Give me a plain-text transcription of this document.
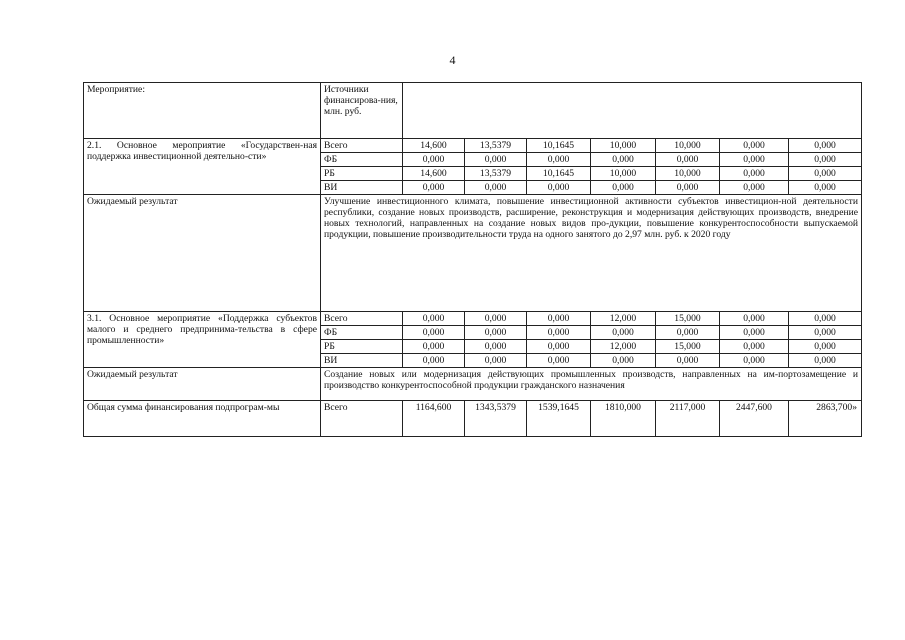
4
Мероприятие:	Источники финансирова-ния, млн. руб.							
2.1. Основное мероприятие «Государствен-ная поддержка инвестиционной деятельно-сти»	Всего	14,600	13,5379	10,1645	10,000	10,000	0,000	0,000
	ФБ	0,000	0,000	0,000	0,000	0,000	0,000	0,000
	РБ	14,600	13,5379	10,1645	10,000	10,000	0,000	0,000
	ВИ	0,000	0,000	0,000	0,000	0,000	0,000	0,000
Ожидаемый результат	Улучшение инвестиционного климата, повышение инвестиционной активности субъектов инвестицион-ной деятельности республики, создание новых производств, расширение, реконструкция и модернизация действующих производств, внедрение новых технологий, направленных на создание новых видов про-дукции, повышение конкурентоспособности выпускаемой продукции, повышение производительности труда на одного занятого до 2,97 млн. руб. к 2020 году							
3.1. Основное мероприятие «Поддержка субъектов малого и среднего предпринима-тельства в сфере промышленности»	Всего	0,000	0,000	0,000	12,000	15,000	0,000	0,000
	ФБ	0,000	0,000	0,000	0,000	0,000	0,000	0,000
	РБ	0,000	0,000	0,000	12,000	15,000	0,000	0,000
	ВИ	0,000	0,000	0,000	0,000	0,000	0,000	0,000
Ожидаемый результат	Создание новых или модернизация действующих промышленных производств, направленных на им-портозамещение и производство конкурентоспособной продукции гражданского назначения							
Общая сумма финансирования подпрограм-мы	Всего	1164,600	1343,5379	1539,1645	1810,000	2117,000	2447,600	2863,700»
